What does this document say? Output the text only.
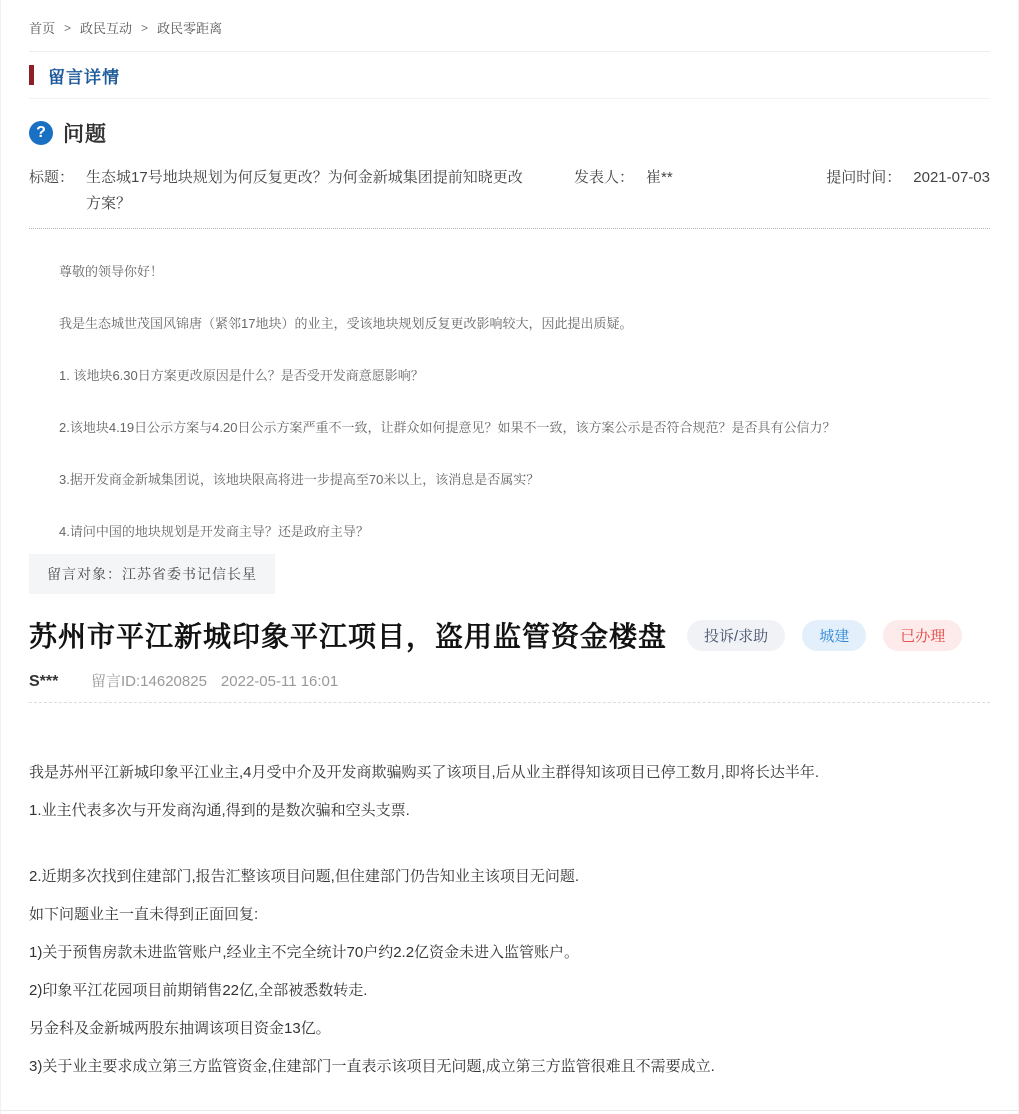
首页 > 政民互动 > 政民零距离
留言详情
? 问题
标题： 生态城17号地块规划为何反复更改？为何金新城集团提前知晓更改方案？
发表人： 崔**	提问时间： 2021-07-03

尊敬的领导你好！

我是生态城世茂国风锦唐（紧邻17地块）的业主，受该地块规划反复更改影响较大，因此提出质疑。

1. 该地块6.30日方案更改原因是什么？是否受开发商意愿影响？

2.该地块4.19日公示方案与4.20日公示方案严重不一致，让群众如何提意见？如果不一致，该方案公示是否符合规范？是否具有公信力？

3.据开发商金新城集团说，该地块限高将进一步提高至70米以上，该消息是否属实？

4.请问中国的地块规划是开发商主导？还是政府主导？

留言对象：江苏省委书记信长星
苏州市平江新城印象平江项目，盗用监管资金楼盘	投诉/求助	城建	已办理
S***	留言ID:14620825 2022-05-11 16:01

我是苏州平江新城印象平江业主,4月受中介及开发商欺骗购买了该项目,后从业主群得知该项目已停工数月,即将长达半年.

1.业主代表多次与开发商沟通,得到的是数次骗和空头支票.

2.近期多次找到住建部门,报告汇整该项目问题,但住建部门仍告知业主该项目无问题.

如下问题业主一直未得到正面回复:

1)关于预售房款未进监管账户,经业主不完全统计70户约2.2亿资金未进入监管账户。

2)印象平江花园项目前期销售22亿,全部被悉数转走.

另金科及金新城两股东抽调该项目资金13亿。

3)关于业主要求成立第三方监管资金,住建部门一直表示该项目无问题,成立第三方监管很难且不需要成立.
